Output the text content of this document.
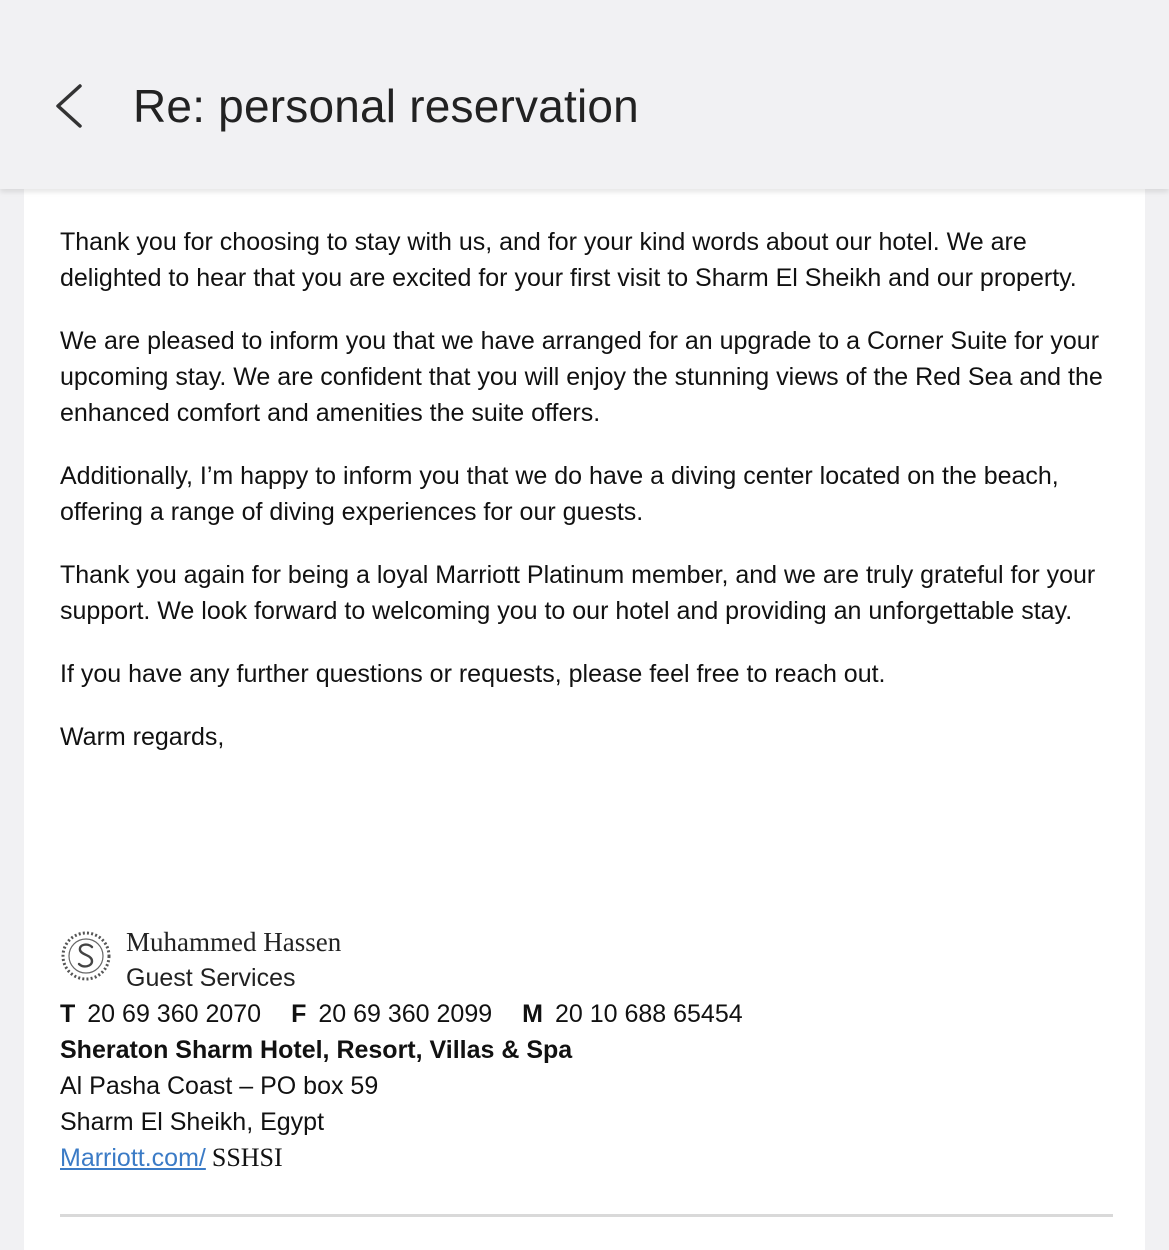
Re: personal reservation

Thank you for choosing to stay with us, and for your kind words about our hotel. We are delighted to hear that you are excited for your first visit to Sharm El Sheikh and our property.

We are pleased to inform you that we have arranged for an upgrade to a Corner Suite for your upcoming stay. We are confident that you will enjoy the stunning views of the Red Sea and the enhanced comfort and amenities the suite offers.

Additionally, I’m happy to inform you that we do have a diving center located on the beach, offering a range of diving experiences for our guests.

Thank you again for being a loyal Marriott Platinum member, and we are truly grateful for your support. We look forward to welcoming you to our hotel and providing an unforgettable stay.

If you have any further questions or requests, please feel free to reach out.

Warm regards,

Muhammed Hassen
Guest Services
T 20 69 360 2070 F 20 69 360 2099 M 20 10 688 65454
Sheraton Sharm Hotel, Resort, Villas & Spa
Al Pasha Coast – PO box 59
Sharm El Sheikh, Egypt
Marriott.com/ SSHSI
